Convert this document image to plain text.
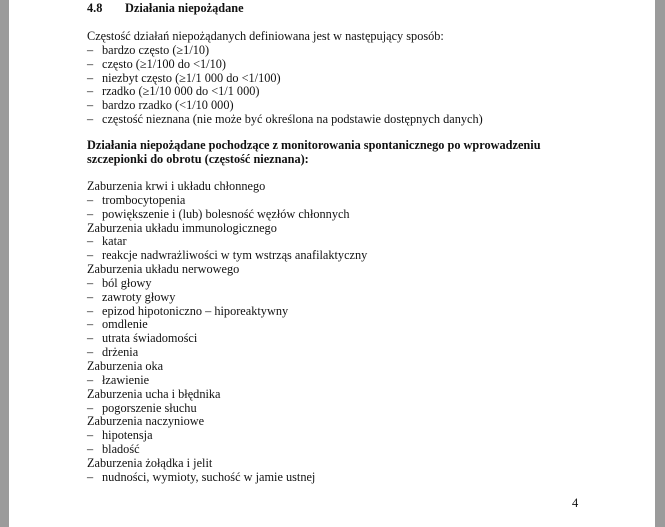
4.8 Działania niepożądane
Częstość działań niepożądanych definiowana jest w następujący sposób:
– bardzo często (≥1/10)
– często (≥1/100 do <1/10)
– niezbyt często (≥1/1 000 do <1/100)
– rzadko (≥1/10 000 do <1/1 000)
– bardzo rzadko (<1/10 000)
– częstość nieznana (nie może być określona na podstawie dostępnych danych)
Działania niepożądane pochodzące z monitorowania spontanicznego po wprowadzeniu
szczepionki do obrotu (częstość nieznana):
Zaburzenia krwi i układu chłonnego
– trombocytopenia
– powiększenie i (lub) bolesność węzłów chłonnych
Zaburzenia układu immunologicznego
– katar
– reakcje nadwrażliwości w tym wstrząs anafilaktyczny
Zaburzenia układu nerwowego
– ból głowy
– zawroty głowy
– epizod hipotoniczno – hiporeaktywny
– omdlenie
– utrata świadomości
– drżenia
Zaburzenia oka
– łzawienie
Zaburzenia ucha i błędnika
– pogorszenie słuchu
Zaburzenia naczyniowe
– hipotensja
– bladość
Zaburzenia żołądka i jelit
– nudności, wymioty, suchość w jamie ustnej
4
